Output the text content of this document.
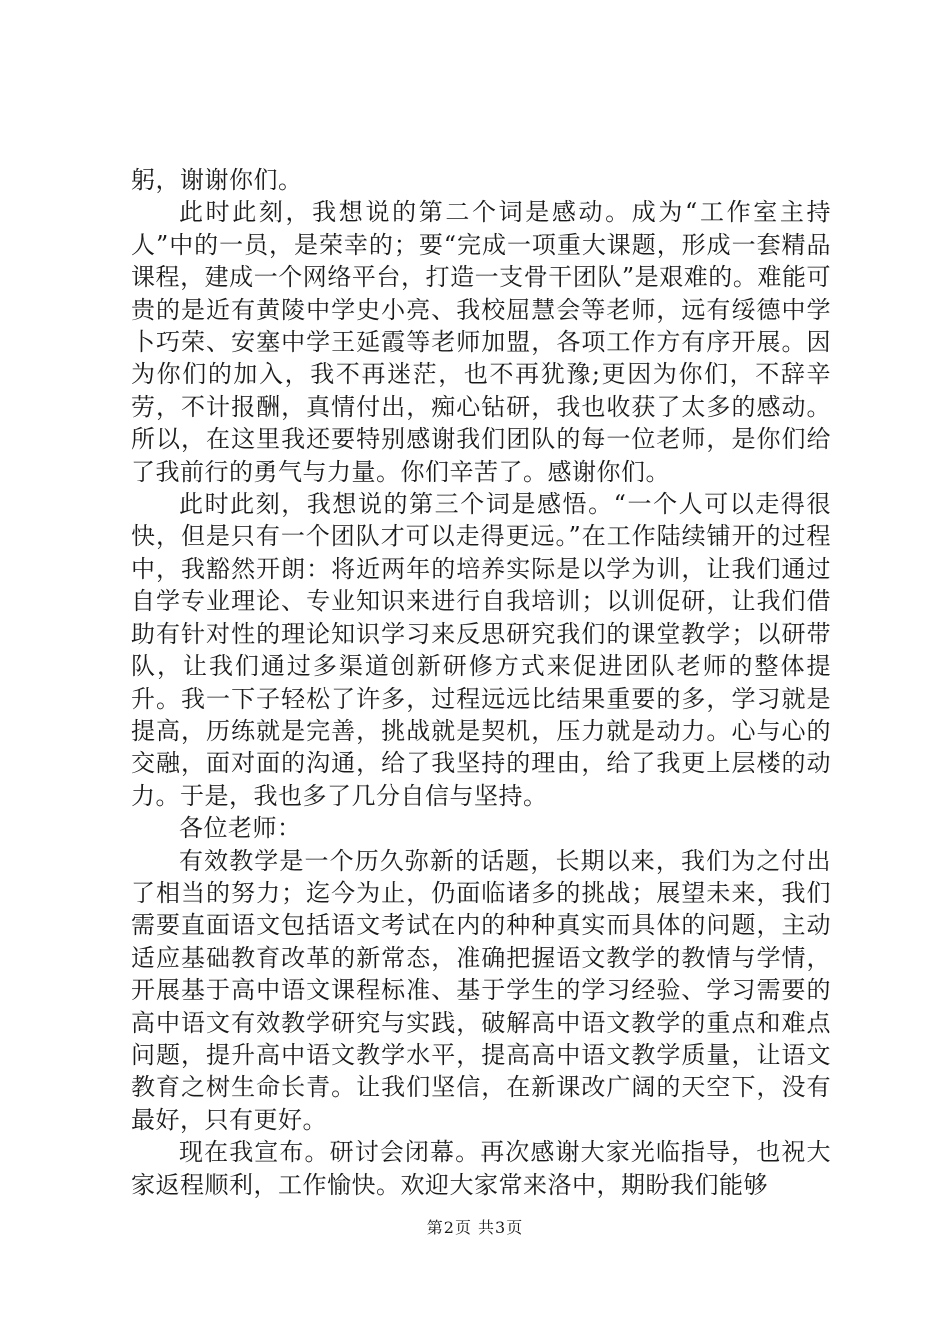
躬，谢谢你们。

此时此刻，我想说的第二个词是感动。成为“工作室主持人”中的一员，是荣幸的；要“完成一项重大课题，形成一套精品课程，建成一个网络平台，打造一支骨干团队”是艰难的。难能可贵的是近有黄陵中学史小亮、我校屈慧会等老师，远有绥德中学卜巧荣、安塞中学王延霞等老师加盟，各项工作方有序开展。因为你们的加入，我不再迷茫，也不再犹豫;更因为你们，不辞辛劳，不计报酬，真情付出，痴心钻研，我也收获了太多的感动。所以，在这里我还要特别感谢我们团队的每一位老师，是你们给了我前行的勇气与力量。你们辛苦了。感谢你们。

此时此刻，我想说的第三个词是感悟。“一个人可以走得很快，但是只有一个团队才可以走得更远。”在工作陆续铺开的过程中，我豁然开朗：将近两年的培养实际是以学为训，让我们通过自学专业理论、专业知识来进行自我培训；以训促研，让我们借助有针对性的理论知识学习来反思研究我们的课堂教学；以研带队，让我们通过多渠道创新研修方式来促进团队老师的整体提升。我一下子轻松了许多，过程远远比结果重要的多，学习就是提高，历练就是完善，挑战就是契机，压力就是动力。心与心的交融，面对面的沟通，给了我坚持的理由，给了我更上层楼的动力。于是，我也多了几分自信与坚持。

各位老师：

有效教学是一个历久弥新的话题，长期以来，我们为之付出了相当的努力；迄今为止，仍面临诸多的挑战；展望未来，我们需要直面语文包括语文考试在内的种种真实而具体的问题，主动适应基础教育改革的新常态，准确把握语文教学的教情与学情，开展基于高中语文课程标准、基于学生的学习经验、学习需要的高中语文有效教学研究与实践，破解高中语文教学的重点和难点问题，提升高中语文教学水平，提高高中语文教学质量，让语文教育之树生命长青。让我们坚信，在新课改广阔的天空下，没有最好，只有更好。

现在我宣布。研讨会闭幕。再次感谢大家光临指导，也祝大家返程顺利，工作愉快。欢迎大家常来洛中，期盼我们能够

第2页 共3页
